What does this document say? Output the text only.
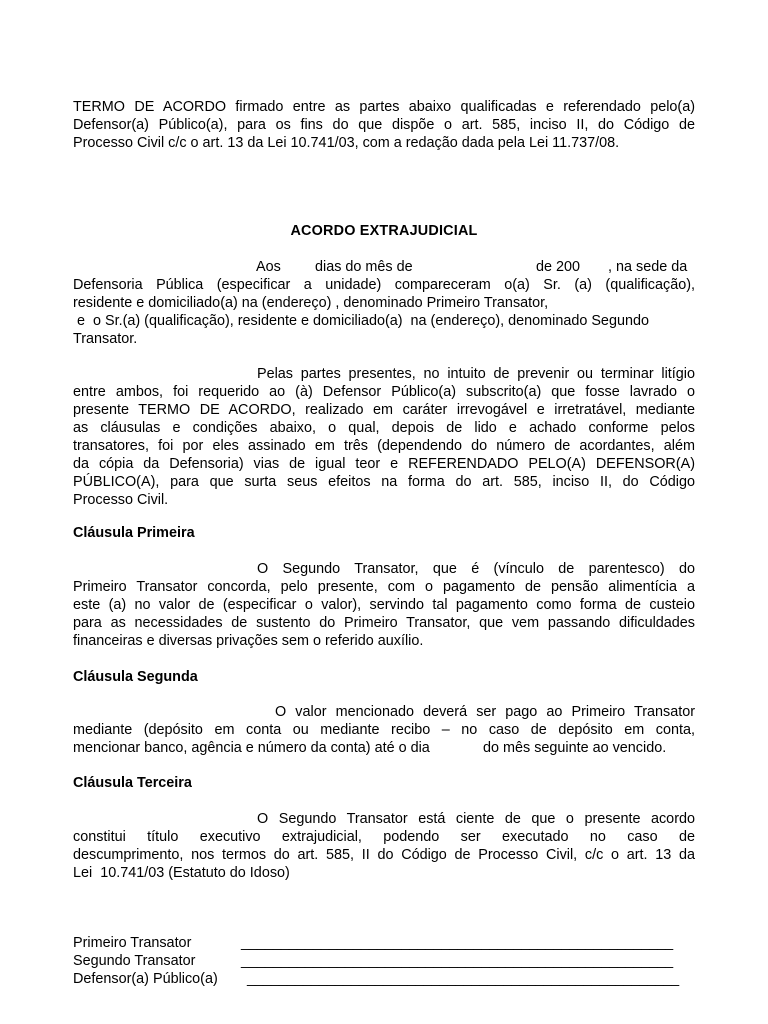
TERMO DE ACORDO firmado entre as partes abaixo qualificadas e referendado pelo(a)
Defensor(a) Público(a), para os fins do que dispõe o art. 585, inciso II, do Código de
Processo Civil c/c o art. 13 da Lei 10.741/03, com a redação dada pela Lei 11.737/08.
ACORDO EXTRAJUDICIAL
Aos dias do mês de	de 200 , na sede da
Defensoria Pública (especificar a unidade) compareceram o(a) Sr. (a) (qualificação),
residente e domiciliado(a) na (endereço) , denominado Primeiro Transator,
e  o Sr.(a) (qualificação), residente e domiciliado(a)  na (endereço), denominado Segundo
Transator.
Pelas partes presentes, no intuito de prevenir ou terminar litígio
entre ambos, foi requerido ao (à) Defensor Público(a) subscrito(a) que fosse lavrado o
presente TERMO DE ACORDO, realizado em caráter irrevogável e irretratável, mediante
as cláusulas e condições abaixo, o qual, depois de lido e achado conforme pelos
transatores, foi por eles assinado em três (dependendo do número de acordantes, além
da cópia da Defensoria) vias de igual teor e REFERENDADO PELO(A) DEFENSOR(A)
PÚBLICO(A), para que surta seus efeitos na forma do art. 585, inciso II, do Código
Processo Civil.
Cláusula Primeira
O Segundo Transator, que é (vínculo de parentesco) do
Primeiro Transator concorda, pelo presente, com o pagamento de pensão alimentícia a
este (a) no valor de (especificar o valor), servindo tal pagamento como forma de custeio
para as necessidades de sustento do Primeiro Transator, que vem passando dificuldades
financeiras e diversas privações sem o referido auxílio.
Cláusula Segunda
O valor mencionado deverá ser pago ao Primeiro Transator
mediante (depósito em conta ou mediante recibo – no caso de depósito em conta,
mencionar banco, agência e número da conta) até o dia	do mês seguinte ao vencido.
Cláusula Terceira
O Segundo Transator está ciente de que o presente acordo
constitui título executivo extrajudicial, podendo ser executado no caso de
descumprimento, nos termos do art. 585, II do Código de Processo Civil, c/c o art. 13 da
Lei  10.741/03 (Estatuto do Idoso)
Primeiro Transator	______________________________________________________
Segundo Transator	______________________________________________________
Defensor(a) Público(a) ______________________________________________________
